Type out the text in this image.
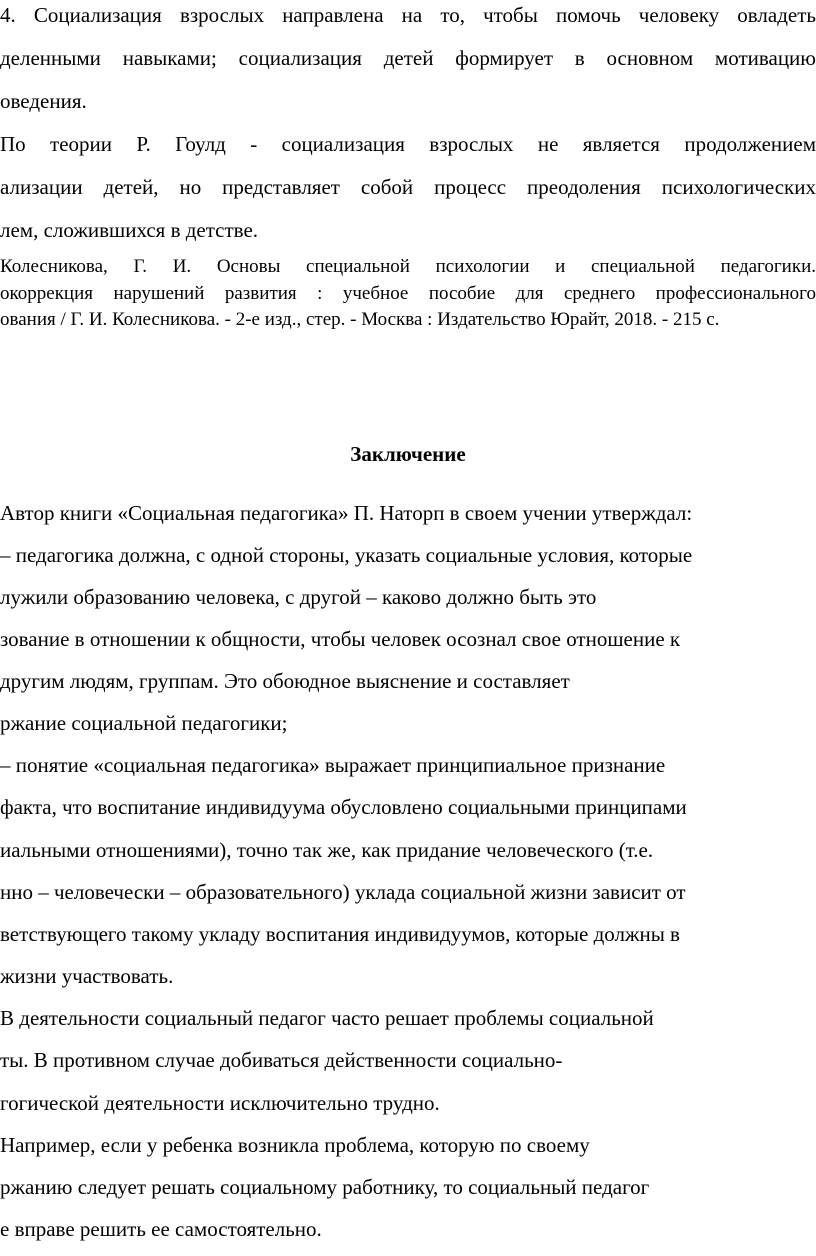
4. Социализация взрослых направлена на то, чтобы помочь человеку овладеть
деленными навыками; социализация детей формирует в основном мотивацию
оведения.
По теории Р. Гоулд - социализация взрослых не является продолжением
ализации детей, но представляет собой процесс преодоления психологических
лем, сложившихся в детстве.
Колесникова, Г. И. Основы специальной психологии и специальной педагогики.
окоррекция нарушений развития : учебное пособие для среднего профессионального
ования / Г. И. Колесникова. - 2-е изд., стер. - Москва : Издательство Юрайт, 2018. - 215 с.
Заключение
Автор книги «Социальная педагогика» П. Наторп в своем учении утверждал:
– педагогика должна, с одной стороны, указать социальные условия, которые
лужили образованию человека, с другой – каково должно быть это
зование в отношении к общности, чтобы человек осознал свое отношение к
другим людям, группам. Это обоюдное выяснение и составляет
ржание социальной педагогики;
– понятие «социальная педагогика» выражает принципиальное признание
факта, что воспитание индивидуума обусловлено социальными принципами
иальными отношениями), точно так же, как придание человеческого (т.е.
нно – человечески – образовательного) уклада социальной жизни зависит от
ветствующего такому укладу воспитания индивидуумов, которые должны в
жизни участвовать.
В деятельности социальный педагог часто решает проблемы социальной
ты. В противном случае добиваться действенности социально-
гогической деятельности исключительно трудно.
Например, если у ребенка возникла проблема, которую по своему
ржанию следует решать социальному работнику, то социальный педагог
е вправе решить ее самостоятельно.
